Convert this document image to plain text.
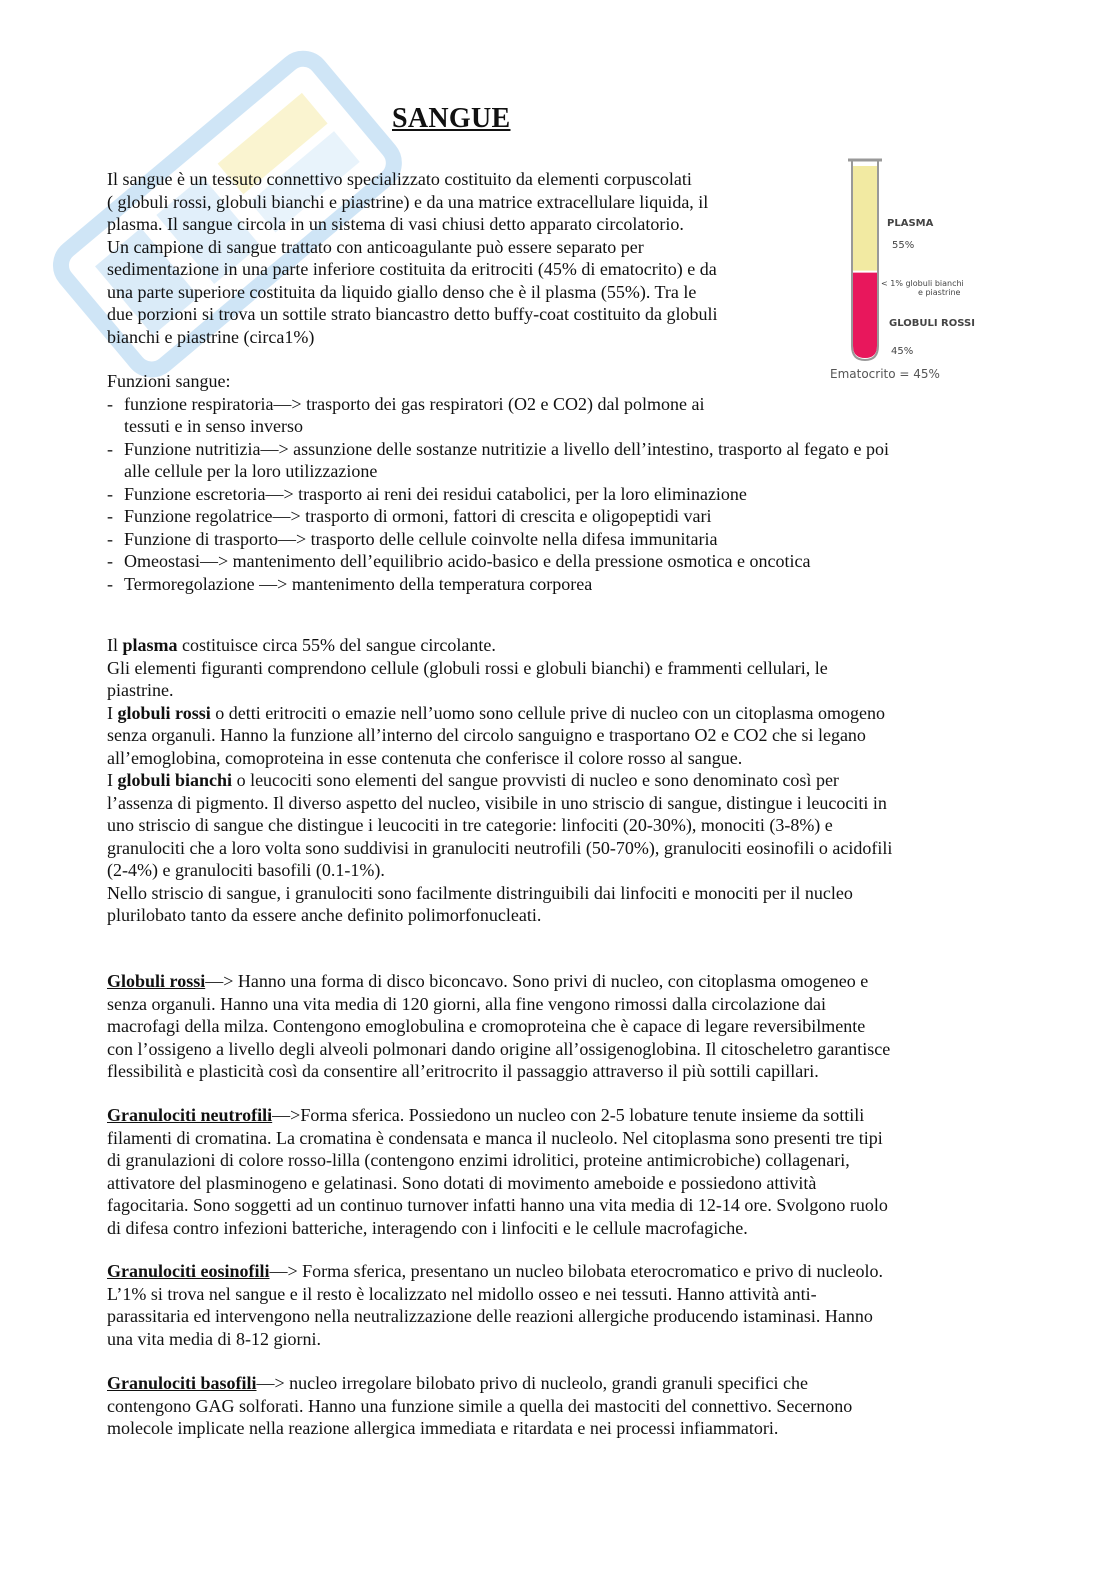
SANGUE

Il sangue è un tessuto connettivo specializzato costituito da elementi corpuscolati
( globuli rossi, globuli bianchi e piastrine) e da una matrice extracellulare liquida, il
plasma. Il sangue circola in un sistema di vasi chiusi detto apparato circolatorio.
Un campione di sangue trattato con anticoagulante può essere separato per
sedimentazione in una parte inferiore costituita da eritrociti (45% di ematocrito) e da
una parte superiore costituita da liquido giallo denso che è il plasma (55%). Tra le
due porzioni si trova un sottile strato biancastro detto buffy-coat costituito da globuli
bianchi e piastrine (circa1%)

PLASMA
55%
< 1% globuli bianchi
e piastrine
GLOBULI ROSSI
45%
Ematocrito = 45%
Funzioni sangue:
- funzione respiratoria—> trasporto dei gas respiratori (O2 e CO2) dal polmone ai
tessuti e in senso inverso
- Funzione nutritizia—> assunzione delle sostanze nutritizie a livello dell’intestino, trasporto al fegato e poi
alle cellule per la loro utilizzazione
- Funzione escretoria—> trasporto ai reni dei residui catabolici, per la loro eliminazione
- Funzione regolatrice—> trasporto di ormoni, fattori di crescita e oligopeptidi vari
- Funzione di trasporto—> trasporto delle cellule coinvolte nella difesa immunitaria
- Omeostasi—> mantenimento dell’equilibrio acido-basico e della pressione osmotica e oncotica
- Termoregolazione —> mantenimento della temperatura corporea
Il plasma costituisce circa 55% del sangue circolante.
Gli elementi figuranti comprendono cellule (globuli rossi e globuli bianchi) e frammenti cellulari, le
piastrine.
I globuli rossi o detti eritrociti o emazie nell’uomo sono cellule prive di nucleo con un citoplasma omogeno
senza organuli. Hanno la funzione all’interno del circolo sanguigno e trasportano O2 e CO2 che si legano
all’emoglobina, comoproteina in esse contenuta che conferisce il colore rosso al sangue.
I globuli bianchi o leucociti sono elementi del sangue provvisti di nucleo e sono denominato così per
l’assenza di pigmento. Il diverso aspetto del nucleo, visibile in uno striscio di sangue, distingue i leucociti in
uno striscio di sangue che distingue i leucociti in tre categorie: linfociti (20-30%), monociti (3-8%) e
granulociti che a loro volta sono suddivisi in granulociti neutrofili (50-70%), granulociti eosinofili o acidofili
(2-4%) e granulociti basofili (0.1-1%).
Nello striscio di sangue, i granulociti sono facilmente distringuibili dai linfociti e monociti per il nucleo
plurilobato tanto da essere anche definito polimorfonucleati.
Globuli rossi—> Hanno una forma di disco biconcavo. Sono privi di nucleo, con citoplasma omogeneo e
senza organuli. Hanno una vita media di 120 giorni, alla fine vengono rimossi dalla circolazione dai
macrofagi della milza. Contengono emoglobulina e cromoproteina che è capace di legare reversibilmente
con l’ossigeno a livello degli alveoli polmonari dando origine all’ossigenoglobina. Il citoscheletro garantisce
flessibilità e plasticità così da consentire all’eritrocrito il passaggio attraverso il più sottili capillari.
Granulociti neutrofili—>Forma sferica. Possiedono un nucleo con 2-5 lobature tenute insieme da sottili
filamenti di cromatina. La cromatina è condensata e manca il nucleolo. Nel citoplasma sono presenti tre tipi
di granulazioni di colore rosso-lilla (contengono enzimi idrolitici, proteine antimicrobiche) collagenari,
attivatore del plasminogeno e gelatinasi. Sono dotati di movimento ameboide e possiedono attività
fagocitaria. Sono soggetti ad un continuo turnover infatti hanno una vita media di 12-14 ore. Svolgono ruolo
di difesa contro infezioni batteriche, interagendo con i linfociti e le cellule macrofagiche.
Granulociti eosinofili—> Forma sferica, presentano un nucleo bilobata eterocromatico e privo di nucleolo.
L’1% si trova nel sangue e il resto è localizzato nel midollo osseo e nei tessuti. Hanno attività anti-
parassitaria ed intervengono nella neutralizzazione delle reazioni allergiche producendo istaminasi. Hanno
una vita media di 8-12 giorni.
Granulociti basofili—> nucleo irregolare bilobato privo di nucleolo, grandi granuli specifici che
contengono GAG solforati. Hanno una funzione simile a quella dei mastociti del connettivo. Secernono
molecole implicate nella reazione allergica immediata e ritardata e nei processi infiammatori.
